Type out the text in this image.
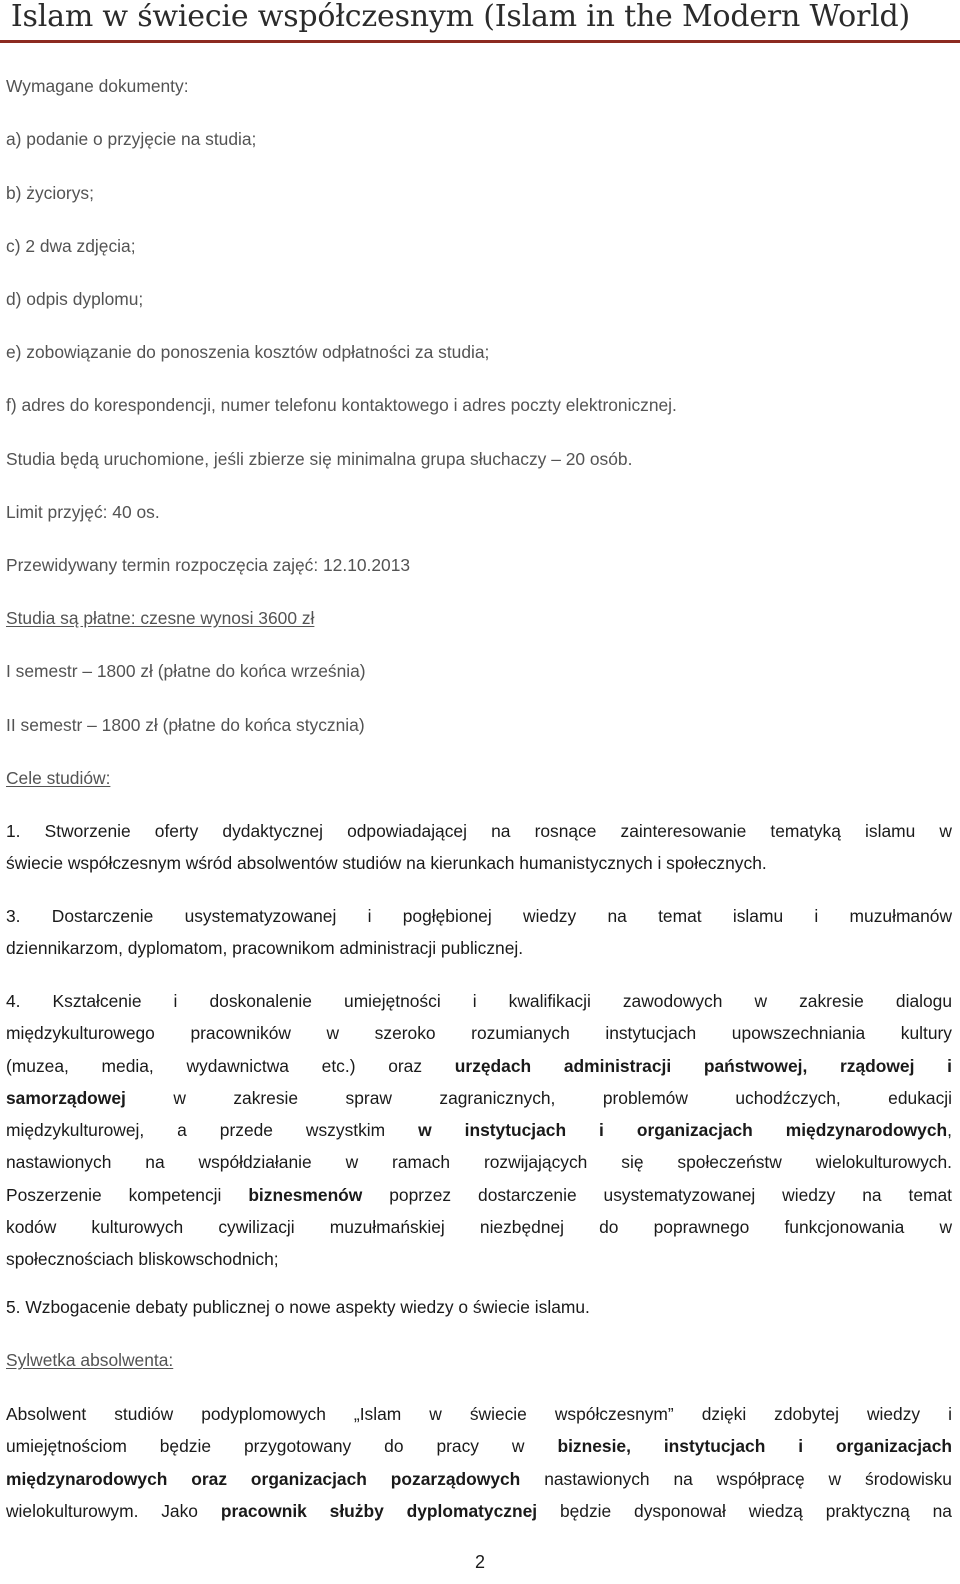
Islam w świecie współczesnym (Islam in the Modern World)
Wymagane dokumenty:
a) podanie o przyjęcie na studia;
b) życiorys;
c) 2 dwa zdjęcia;
d) odpis dyplomu;
e) zobowiązanie do ponoszenia kosztów odpłatności za studia;
f) adres do korespondencji, numer telefonu kontaktowego i adres poczty elektronicznej.
Studia będą uruchomione, jeśli zbierze się minimalna grupa słuchaczy – 20 osób.
Limit przyjęć: 40 os.
Przewidywany termin rozpoczęcia zajęć: 12.10.2013
Studia są płatne: czesne wynosi 3600 zł
I semestr – 1800 zł (płatne do końca września)
II semestr – 1800 zł (płatne do końca stycznia)
Cele studiów:
1. Stworzenie oferty dydaktycznej odpowiadającej na rosnące zainteresowanie tematyką islamu w
świecie współczesnym wśród absolwentów studiów na kierunkach humanistycznych i społecznych.
3. Dostarczenie usystematyzowanej i pogłębionej wiedzy na temat islamu i muzułmanów
dziennikarzom, dyplomatom, pracownikom administracji publicznej.
4. Kształcenie i doskonalenie umiejętności i kwalifikacji zawodowych w zakresie dialogu
międzykulturowego pracowników w szeroko rozumianych instytucjach upowszechniania kultury
(muzea, media, wydawnictwa etc.) oraz urzędach administracji państwowej, rządowej i
samorządowej	w zakresie spraw zagranicznych, problemów uchodźczych, edukacji
międzykulturowej, a przede wszystkim w instytucjach i organizacjach międzynarodowych,
nastawionych na współdziałanie w ramach rozwijających się społeczeństw wielokulturowych.
Poszerzenie kompetencji biznesmenów poprzez dostarczenie usystematyzowanej wiedzy na temat
kodów kulturowych cywilizacji muzułmańskiej niezbędnej do poprawnego funkcjonowania w
społecznościach bliskowschodnich;
5. Wzbogacenie debaty publicznej o nowe aspekty wiedzy o świecie islamu.
Sylwetka absolwenta:
Absolwent studiów podyplomowych „Islam w świecie współczesnym” dzięki zdobytej wiedzy i
umiejętnościom będzie przygotowany do pracy w biznesie, instytucjach i organizacjach
międzynarodowych oraz organizacjach pozarządowych nastawionych na współpracę w środowisku
wielokulturowym. Jako pracownik służby dyplomatycznej będzie dysponował wiedzą praktyczną na
2
